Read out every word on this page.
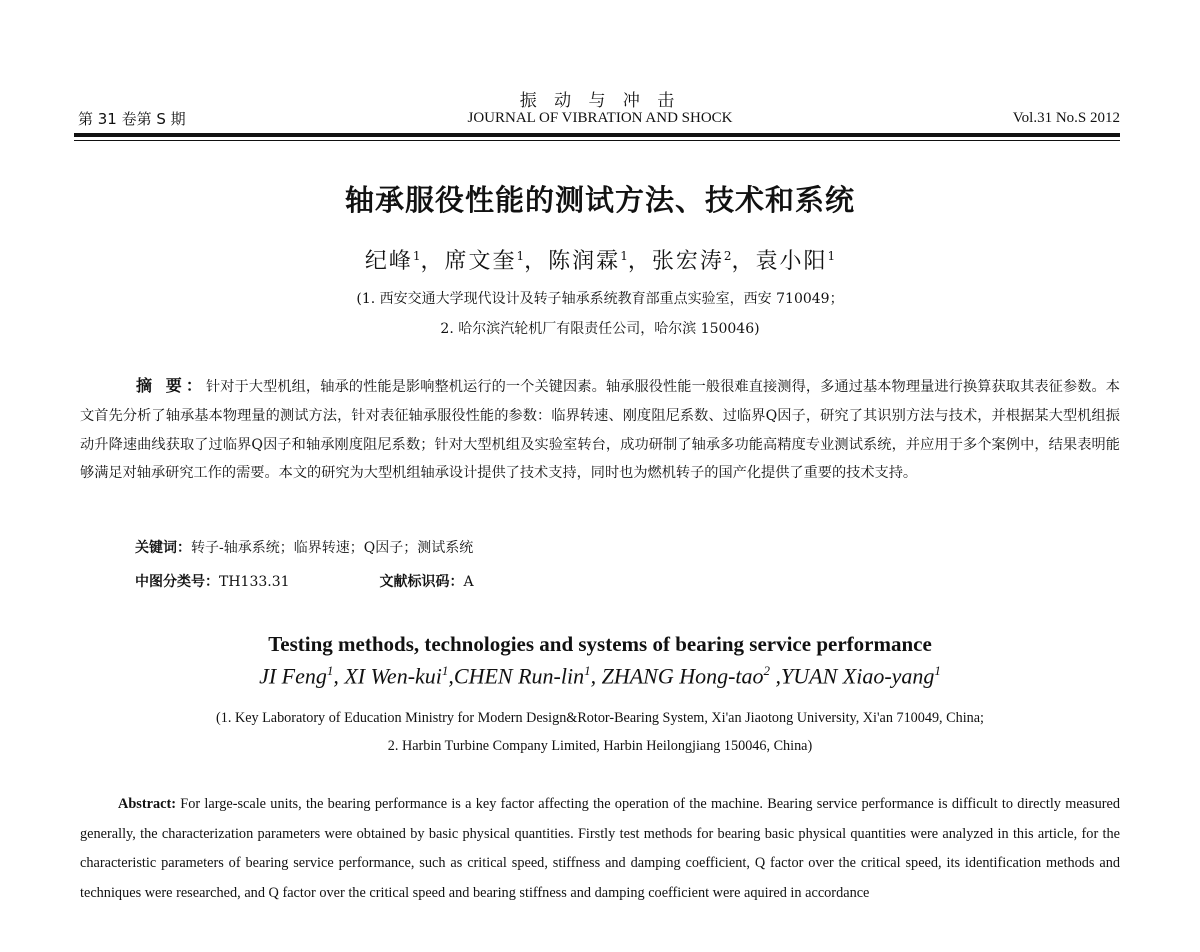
振 动 与 冲 击
第 31 卷第 S 期	JOURNAL OF VIBRATION AND SHOCK	Vol.31 No.S 2012
轴承服役性能的测试方法、技术和系统
纪峰$^1$，席文奎$^1$，陈润霖$^1$，张宏涛$^2$，袁小阳$^1$
(1. 西安交通大学现代设计及转子轴承系统教育部重点实验室，西安 710049；
2. 哈尔滨汽轮机厂有限责任公司，哈尔滨 150046)
摘 要：针对于大型机组，轴承的性能是影响整机运行的一个关键因素。轴承服役性能一般很难直接测得，多通过基本物理量进行换算获取其表征参数。本文首先分析了轴承基本物理量的测试方法，针对表征轴承服役性能的参数：临界转速、刚度阻尼系数、过临界Q因子，研究了其识别方法与技术，并根据某大型机组振动升降速曲线获取了过临界Q因子和轴承刚度阻尼系数；针对大型机组及实验室转台，成功研制了轴承多功能高精度专业测试系统，并应用于多个案例中，结果表明能够满足对轴承研究工作的需要。本文的研究为大型机组轴承设计提供了技术支持，同时也为燃机转子的国产化提供了重要的技术支持。
关键词：转子-轴承系统；临界转速；Q因子；测试系统
中图分类号：TH133.31	文献标识码：A
Testing methods, technologies and systems of bearing service performance
JI Feng$^1$, XI Wen-kui$^1$,CHEN Run-lin$^1$, ZHANG Hong-tao$^2$ ,YUAN Xiao-yang$^1$
(1. Key Laboratory of Education Ministry for Modern Design&Rotor-Bearing System, Xi'an Jiaotong University, Xi'an 710049, China;
2. Harbin Turbine Company Limited, Harbin Heilongjiang 150046, China)
Abstract: For large-scale units, the bearing performance is a key factor affecting the operation of the machine. Bearing service performance is difficult to directly measured generally, the characterization parameters were obtained by basic physical quantities. Firstly test methods for bearing basic physical quantities were analyzed in this article, for the characteristic parameters of bearing service performance, such as critical speed, stiffness and damping coefficient, Q factor over the critical speed, its identification methods and techniques were researched, and Q factor over the critical speed and bearing stiffness and damping coefficient were aquired in accordance
